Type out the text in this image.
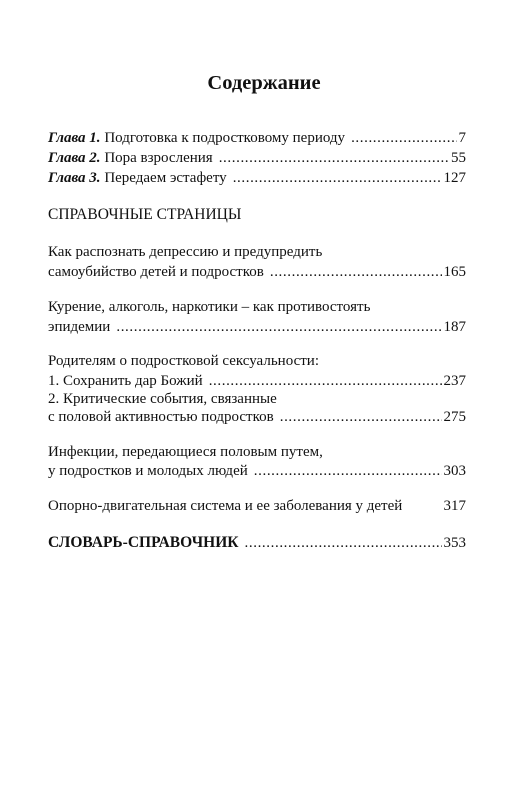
Содержание
Глава 1. Подготовка к подростковому периоду .....	7
Глава 2. Пора взросления .....	55
Глава 3. Передаем эстафету .....	127
СПРАВОЧНЫЕ СТРАНИЦЫ
Как распознать депрессию и предупредить
самоубийство детей и подростков .....	165
Курение, алкоголь, наркотики – как противостоять
эпидемии .....	187
Родителям о подростковой сексуальности:
1. Сохранить дар Божий .....	237
2. Критические события, связанные
с половой активностью подростков .....	275
Инфекции, передающиеся половым путем,
у подростков и молодых людей .....	303
Опорно-двигательная система и ее заболевания у детей	317
СЛОВАРЬ-СПРАВОЧНИК .....	353
